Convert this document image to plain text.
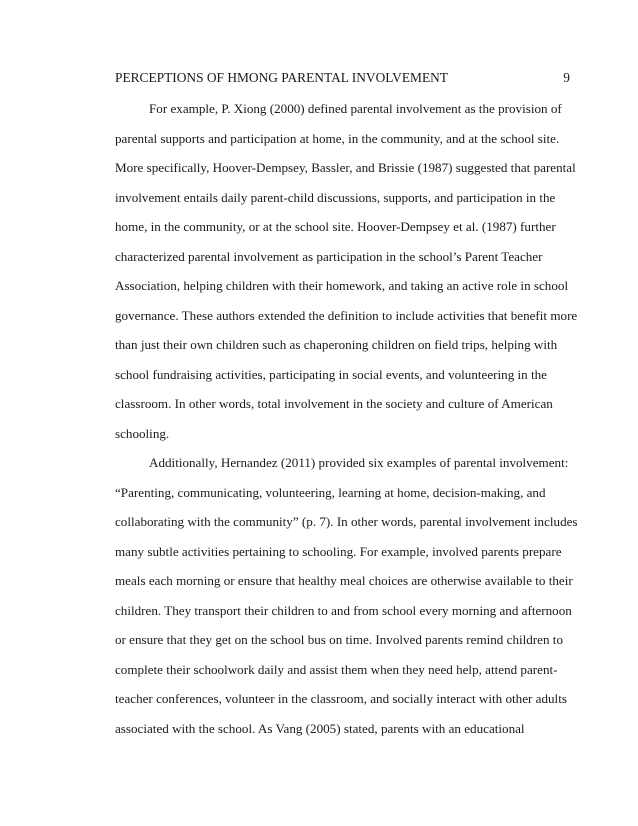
PERCEPTIONS OF HMONG PARENTAL INVOLVEMENT	9
For example, P. Xiong (2000) defined parental involvement as the provision of
parental supports and participation at home, in the community, and at the school site.
More specifically, Hoover-Dempsey, Bassler, and Brissie (1987) suggested that parental
involvement entails daily parent-child discussions, supports, and participation in the
home, in the community, or at the school site. Hoover-Dempsey et al. (1987) further
characterized parental involvement as participation in the school’s Parent Teacher
Association, helping children with their homework, and taking an active role in school
governance. These authors extended the definition to include activities that benefit more
than just their own children such as chaperoning children on field trips, helping with
school fundraising activities, participating in social events, and volunteering in the
classroom. In other words, total involvement in the society and culture of American
schooling.
Additionally, Hernandez (2011) provided six examples of parental involvement:
“Parenting, communicating, volunteering, learning at home, decision-making, and
collaborating with the community” (p. 7). In other words, parental involvement includes
many subtle activities pertaining to schooling. For example, involved parents prepare
meals each morning or ensure that healthy meal choices are otherwise available to their
children. They transport their children to and from school every morning and afternoon
or ensure that they get on the school bus on time. Involved parents remind children to
complete their schoolwork daily and assist them when they need help, attend parent-
teacher conferences, volunteer in the classroom, and socially interact with other adults
associated with the school. As Vang (2005) stated, parents with an educational
